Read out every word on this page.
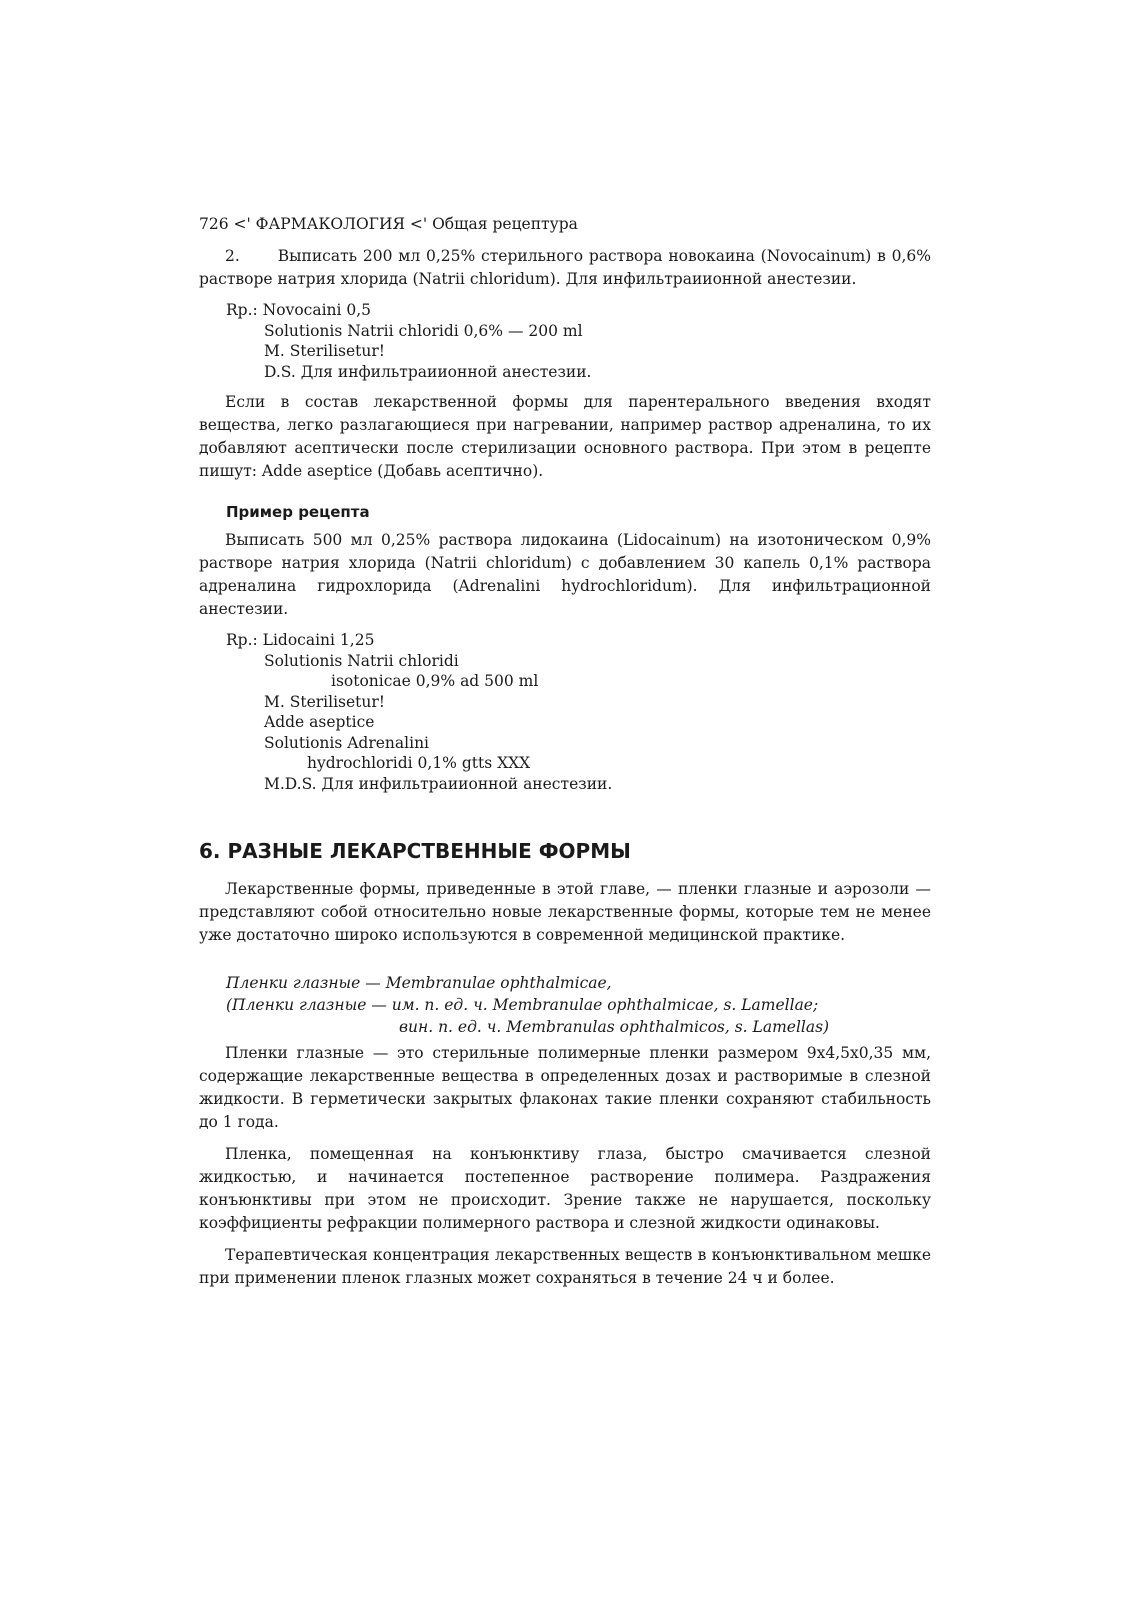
726 <' ФАРМАКОЛОГИЯ <' Общая рецептура

2. Выписать 200 мл 0,25% стерильного раствора новокаина (Novocainum) в 0,6% растворе натрия хлорида (Natrii chloridum). Для инфильтраиионной анестезии.

Rp.: Novocaini 0,5
Solutionis Natrii chloridi 0,6% — 200 ml
M. Sterilisetur!
D.S. Для инфильтраиионной анестезии.

Если в состав лекарственной формы для парентерального введения входят вещества, легко разлагающиеся при нагревании, например раствор адреналина, то их добавляют асептически после стерилизации основного раствора. При этом в рецепте пишут: Adde aseptice (Добавь асептично).

Пример рецепта

Выписать 500 мл 0,25% раствора лидокаина (Lidocainum) на изотоническом 0,9% растворе натрия хлорида (Natrii chloridum) с добавлением 30 капель 0,1% раствора адреналина гидрохлорида (Adrenalini hydrochloridum). Для инфильтрационной анестезии.

Rp.: Lidocaini 1,25
Solutionis Natrii chloridi
isotonicae 0,9% ad 500 ml
M. Sterilisetur!
Adde aseptice
Solutionis Adrenalini
hydrochloridi 0,1% gtts XXX
M.D.S. Для инфильтраиионной анестезии.
6. РАЗНЫЕ ЛЕКАРСТВЕННЫЕ ФОРМЫ

Лекарственные формы, приведенные в этой главе, — пленки глазные и аэрозоли — представляют собой относительно новые лекарственные формы, которые тем не менее уже достаточно широко используются в современной медицинской практике.

Пленки глазные — Membranulae ophthalmicae,
(Пленки глазные — им. п. ед. ч. Membranulae ophthalmicae, s. Lamellae;
вин. п. ед. ч. Membranulas ophthalmicos, s. Lamellas)

Пленки глазные — это стерильные полимерные пленки размером 9x4,5x0,35 мм, содержащие лекарственные вещества в определенных дозах и растворимые в слезной жидкости. В герметически закрытых флаконах такие пленки сохраняют стабильность до 1 года.

Пленка, помещенная на конъюнктиву глаза, быстро смачивается слезной жидкостью, и начинается постепенное растворение полимера. Раздражения конъюнктивы при этом не происходит. Зрение также не нарушается, поскольку коэффициенты рефракции полимерного раствора и слезной жидкости одинаковы.

Терапевтическая концентрация лекарственных веществ в конъюнктивальном мешке при применении пленок глазных может сохраняться в течение 24 ч и более.
